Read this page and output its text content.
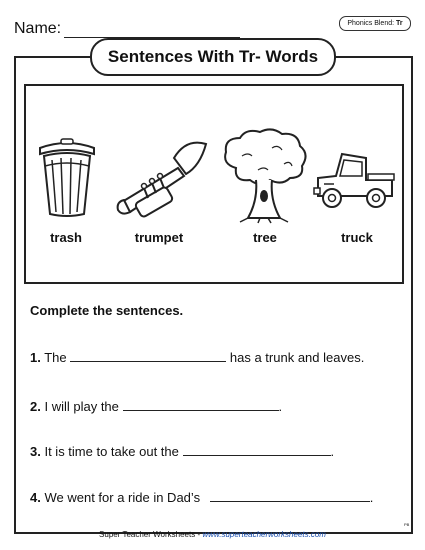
Name:	Phonics Blend: Tr
Sentences With Tr- Words
trash	trumpet	tree	truck
Complete the sentences.
1. The	has a trunk and leaves.
2. I will play the	.
3. It is time to take out the	.
4. We went for a ride in Dad’s	.
Super Teacher Worksheets - www.superteacherworksheets.com
PB
